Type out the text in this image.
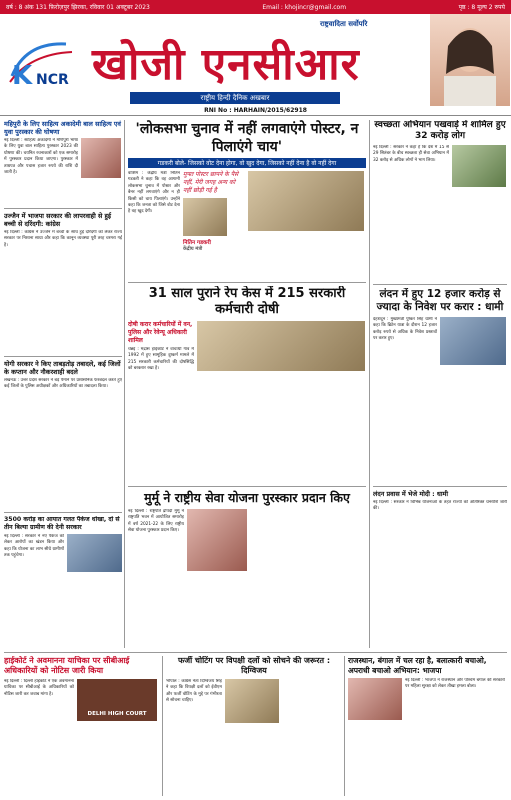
वर्ष : 8 अंक 131 फ़िरोज़पुर झिरका, रविवार 01 अक्टूबर 2023	Email : khojincr@gmail.com	पृष्ठ : 8 मूल्य 2 रुपये
K NCR खोजी एनसीआर
राष्ट्रवादिता सर्वोपरि
राष्ट्रीय हिन्दी दैनिक अखबार
RNI No : HARHAIN/2015/62918
महिपुरी के लिए साहित्य अकादेमी बाल साहित्य एवं युवा पुरस्कार की घोषणा
नई दिल्ली : साहित्य अकादेमी ने मणिपुरी भाषा के लिए युवा बाल साहित्य पुरस्कार 2023 की घोषणा की। चयनित रचनाकारों को एक समारोह में पुरस्कार प्रदान किया जाएगा। पुरस्कार में ताम्रपत्र और पचास हजार रुपये की राशि दी जाती है।
उज्जैन में भाजपा सरकार की लापरवाही से हुई बच्ची से दरिंदगी: कांग्रेस
नई दिल्ली : कांग्रेस ने उज्जैन में बच्ची के साथ हुई दरिंदगी को लेकर राज्य सरकार पर निशाना साधा और कहा कि कानून व्यवस्था पूरी तरह चरमरा गई है।
योगी सरकार ने किए ताबड़तोड़ तबादले, कई जिलों के कप्तान और नौकरशाही बदले
लखनऊ : उत्तर प्रदेश सरकार ने बड़े पैमाने पर प्रशासनिक फेरबदल करते हुए कई जिलों के पुलिस अधीक्षकों और अधिकारियों का तबादला किया।
3500 करोड़ का आयात गलत पैकेज धोखा, दो से तीन बिल्या ग्रामीण की देनी सरकार
नई दिल्ली : सरकार ने नए पैकेज को लेकर आरोपों का खंडन किया और कहा कि योजना का लाभ सीधे ग्रामीणों तक पहुंचेगा।
'लोकसभा चुनाव में नहीं लगवाएंगे पोस्टर, न पिलाएंगे चाय'
गडकरी बोले- जिसको वोट देना होगा, वो खुद देगा, जिसको नहीं देना है वो नहीं देगा
वाशिम : केंद्रीय मंत्री नितिन गडकरी ने कहा कि वह आगामी लोकसभा चुनाव में पोस्टर और बैनर नहीं लगवाएंगे और न ही किसी को चाय पिलाएंगे। उन्होंने कहा कि जनता को जिसे वोट देना है वह खुद देगी।
मुफ्त पोस्टर छापने के पैसे नहीं, मेरी जगह अन्य को नहीं छोड़ी गई है
नितिन गडकरी
केंद्रीय मंत्री
31 साल पुराने रेप केस में 215 सरकारी कर्मचारी दोषी
दोषी करार कर्मचारियों में वन, पुलिस और रेवेन्यू अधिकारी शामिल
चेन्नई : मद्रास हाईकोर्ट ने वाचाथी गांव में 1992 में हुए सामूहिक दुष्कर्म मामले में 215 सरकारी कर्मचारियों की दोषसिद्धि को बरकरार रखा है।
मुर्मू ने राष्ट्रीय सेवा योजना पुरस्कार प्रदान किए
नई दिल्ली : राष्ट्रपति द्रौपदी मुर्मू ने राष्ट्रपति भवन में आयोजित समारोह में वर्ष 2021-22 के लिए राष्ट्रीय सेवा योजना पुरस्कार प्रदान किए।
स्वच्छता अभियान पखवाड़े में शामिल हुए 32 करोड़ लोग
नई दिल्ली : सरकार ने कहा है कि देश में 15 से 29 सितंबर के बीच स्वच्छता ही सेवा अभियान में 32 करोड़ से अधिक लोगों ने भाग लिया।
लंदन में हुए 12 हजार करोड़ से ज्यादा के निवेश पर करार : धामी
देहरादून : मुख्यमंत्री पुष्कर सिंह धामी ने कहा कि ब्रिटेन यात्रा के दौरान 12 हजार करोड़ रुपये से अधिक के निवेश प्रस्तावों पर करार हुए।
लंदन प्रवास में भेजे मोदी : धामी
नई दिल्ली : सरकार ने विभिन्न योजनाओं के तहत राज्यों को अतिरिक्त धनराशि जारी की।
हाईकोर्ट ने अवमानना याचिका पर सीबीआई अधिकारियों को नोटिस जारी किया
नई दिल्ली : दिल्ली हाईकोर्ट ने एक अवमानना याचिका पर सीबीआई के अधिकारियों को नोटिस जारी कर जवाब मांगा है।
DELHI HIGH COURT
फर्जी चोटिंग पर विपक्षी दलों को सोचने की जरूरत : दिग्विजय
भोपाल : कांग्रेस नेता दिग्विजय सिंह ने कहा कि विपक्षी दलों को ईवीएम और फर्जी वोटिंग के मुद्दे पर गंभीरता से सोचना चाहिए।
राजस्थान, बंगाल में चल रहा है, बलात्कारी बचाओ, अपराधी बचाओ अभियान: भाजपा
नई दिल्ली : भाजपा ने राजस्थान और पश्चिम बंगाल की सरकारों पर महिला सुरक्षा को लेकर तीखा हमला बोला।
